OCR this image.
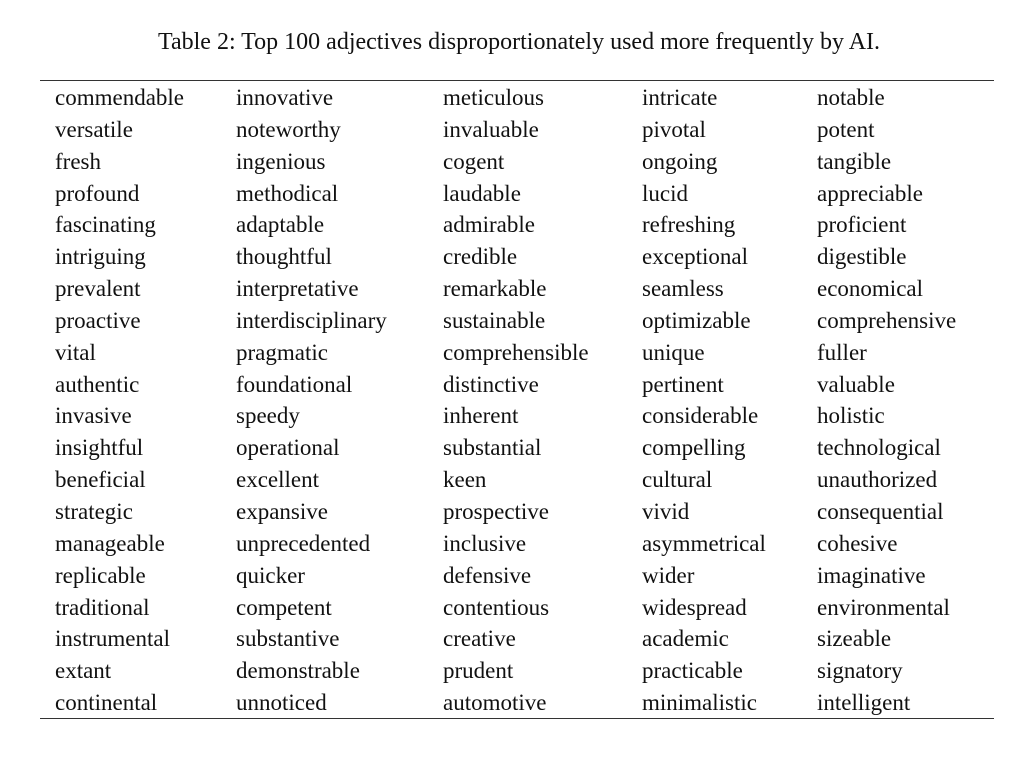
Table 2: Top 100 adjectives disproportionately used more frequently by AI.
commendable
versatile
fresh
profound
fascinating
intriguing
prevalent
proactive
vital
authentic
invasive
insightful
beneficial
strategic
manageable
replicable
traditional
instrumental
extant
continental
innovative
noteworthy
ingenious
methodical
adaptable
thoughtful
interpretative
interdisciplinary
pragmatic
foundational
speedy
operational
excellent
expansive
unprecedented
quicker
competent
substantive
demonstrable
unnoticed
meticulous
invaluable
cogent
laudable
admirable
credible
remarkable
sustainable
comprehensible
distinctive
inherent
substantial
keen
prospective
inclusive
defensive
contentious
creative
prudent
automotive
intricate
pivotal
ongoing
lucid
refreshing
exceptional
seamless
optimizable
unique
pertinent
considerable
compelling
cultural
vivid
asymmetrical
wider
widespread
academic
practicable
minimalistic
notable
potent
tangible
appreciable
proficient
digestible
economical
comprehensive
fuller
valuable
holistic
technological
unauthorized
consequential
cohesive
imaginative
environmental
sizeable
signatory
intelligent
